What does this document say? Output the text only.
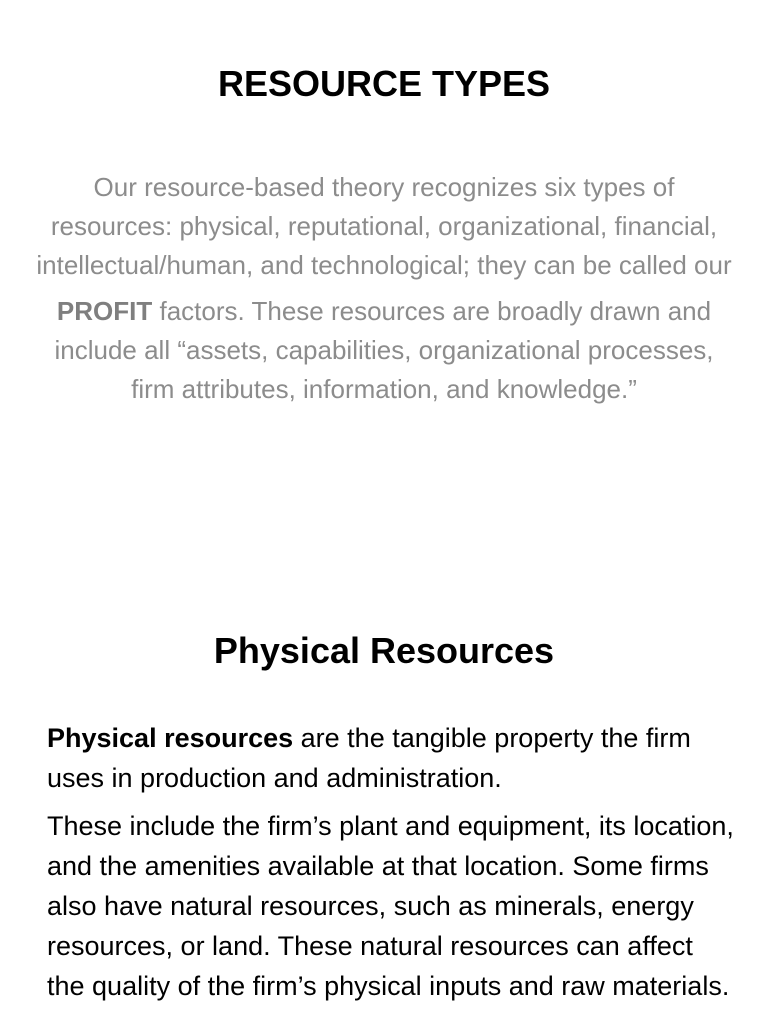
RESOURCE TYPES

Our resource-based theory recognizes six types of resources: physical, reputational, organizational, financial, intellectual/human, and technological; they can be called our

PROFIT factors. These resources are broadly drawn and include all “assets, capabilities, organizational processes, firm attributes, information, and knowledge.”

Physical Resources

Physical resources are the tangible property the firm uses in production and administration.

These include the firm’s plant and equipment, its location, and the amenities available at that location. Some firms also have natural resources, such as minerals, energy resources, or land. These natural resources can affect the quality of the firm’s physical inputs and raw materials.
